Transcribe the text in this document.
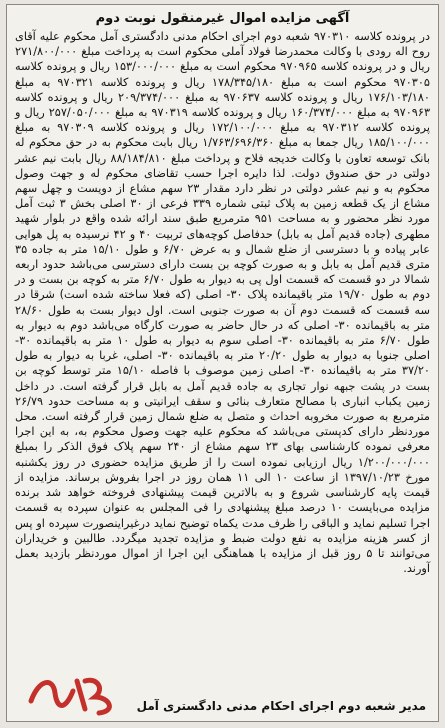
آگهی مزایده اموال غیرمنقول نوبت دوم
در پرونده کلاسه ۹۷۰۳۱۰ شعبه دوم اجرای احکام مدنی دادگستری آمل محکوم علیه آقای روح اله رودی با وکالت محمدرضا فولاد آملی محکوم است به پرداخت مبلغ ۲۷۱/۸۰۰/۰۰۰ ریال و در پرونده کلاسه ۹۷۰۹۶۵ محکوم است به مبلغ ۱۵۳/۰۰۰/۰۰۰ ریال و پرونده کلاسه ۹۷۰۳۰۵ محکوم است به مبلغ ۱۷۸/۳۴۵/۱۸۰ ریال و پرونده کلاسه ۹۷۰۳۲۱ به مبلغ ۱۷۶/۱۰۳/۱۸۰ ریال و پرونده کلاسه ۹۷۰۶۳۷ به مبلغ ۲۰۹/۳۷۴/۰۰۰ ریال و پرونده کلاسه ۹۷۰۹۶۳ به مبلغ ۱۶۰/۳۷۴/۰۰۰ ریال و پرونده کلاسه ۹۷۰۳۱۹ به مبلغ ۲۵۷/۰۵۰/۰۰۰ ریال و پرونده کلاسه ۹۷۰۳۱۲ به مبلغ ۱۷۲/۱۰۰/۰۰۰ ریال و پرونده کلاسه ۹۷۰۳۰۹ به مبلغ ۱۸۵/۱۰۰/۰۰۰ ریال جمعا به مبلغ ۱/۷۶۳/۶۹۶/۳۶۰ ریال بابت محکوم به در حق محکوم له بانک توسعه تعاون با وکالت خدیجه فلاح و پرداخت مبلغ ۸۸/۱۸۴/۸۱۰ ریال بابت نیم عشر دولتی در حق صندوق دولت. لذا دایره اجرا حسب تقاضای محکوم له و جهت وصول محکوم به و نیم عشر دولتی در نظر دارد مقدار ۲۳ سهم مشاع از دویست و چهل سهم مشاع از یک قطعه زمین به پلاک ثبتی شماره ۳۳۹ فرعی از ۳۰ اصلی بخش ۳ ثبت آمل مورد نظر محضور و به مساحت ۹۵۱ مترمربع طبق سند ارائه شده واقع در بلوار شهید مطهری (جاده قدیم آمل به بابل) حدفاصل کوچه‌های تربیت ۴۰ و ۴۲ نرسیده به پل هوایی عابر پیاده و با دسترسی از ضلع شمال و به عرض ۶/۷۰ و طول ۱۵/۱۰ متر به جاده ۳۵ متری قدیم آمل به بابل و به صورت کوچه بن بست دارای دسترسی می‌باشد حدود اربعه شمالا در دو قسمت که قسمت اول پی به دیوار به طول ۶/۷۰ متر به کوچه بن بست و در دوم به طول ۱۹/۷۰ متر باقیمانده پلاک ۳۰- اصلی (که فعلا ساخته شده است) شرقا در سه قسمت که قسمت دوم آن به صورت جنوبی است. اول دیوار بست به طول ۲۸/۶۰ متر به باقیمانده ۳۰- اصلی که در حال حاضر به صورت کارگاه می‌باشد دوم به دیوار به طول ۶/۷۰ متر به باقیمانده ۳۰- اصلی سوم به دیوار به طول ۱۰ متر به باقیمانده ۳۰- اصلی جنوبا به دیوار به طول ۲۰/۲۰ متر به باقیمانده ۳۰- اصلی، غربا به دیوار به طول ۳۷/۲۰ متر به باقیمانده ۳۰- اصلی زمین موصوف با فاصله ۱۵/۱۰ متر توسط کوچه بن بست در پشت جبهه نوار تجاری به جاده قدیم آمل به بابل قرار گرفته است. در داخل زمین یکباب انباری با مصالح متعارف بنائی و سقف ایرانیتی و به مساحت حدود ۲۶/۷۹ مترمربع به صورت مخروبه احداث و متصل به ضلع شمال زمین قرار گرفته است. محل موردنظر دارای کدپستی می‌باشد که محکوم علیه جهت وصول محکوم به، به این اجرا معرفی نموده کارشناسی بهای ۲۳ سهم مشاع از ۲۴۰ سهم پلاک فوق الذکر را بمبلغ ۱/۲۰۰/۰۰۰/۰۰۰ ریال ارزیابی نموده است را از طریق مزایده حضوری در روز یکشنبه مورخ ۱۳۹۷/۱۰/۲۳ از ساعت ۱۰ الی ۱۱ همان روز در اجرا بفروش برساند. مزایده از قیمت پایه کارشناسی شروع و به بالاترین قیمت پیشنهادی فروخته خواهد شد برنده مزایده می‌بایست ۱۰ درصد مبلغ پیشنهادی را فی المجلس به عنوان سپرده به قسمت اجرا تسلیم نماید و الباقی را ظرف مدت یکماه توضیح نماید درغیراینصورت سپرده او پس از کسر هزینه مزایده به نفع دولت ضبط و مزایده تجدید میگردد. طالبین و خریداران می‌توانند تا ۵ روز قبل از مزایده با هماهنگی این اجرا از اموال موردنظر بازدید بعمل آورند.
مدیر شعبه دوم اجرای احکام مدنی دادگستری آمل
